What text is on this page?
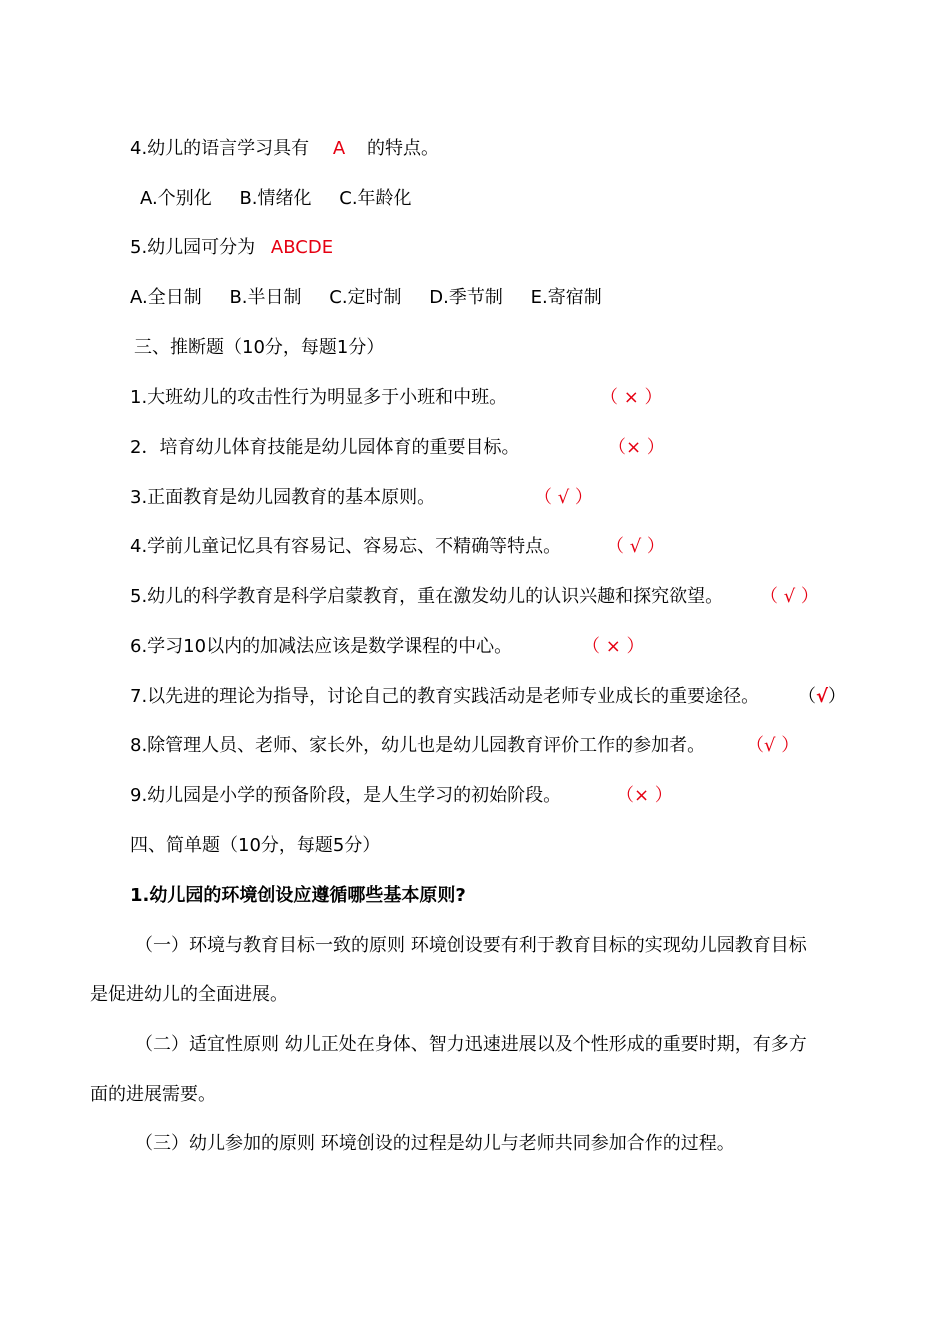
4.幼儿的语言学习具有 A 的特点。
A.个别化 B.情绪化 C.年龄化
5.幼儿园可分为 ABCDE
A.全日制 B.半日制 C.定时制 D.季节制 E.寄宿制
三、推断题（10分，每题1分）
1.大班幼儿的攻击性行为明显多于小班和中班。	（ × ）
2．培育幼儿体育技能是幼儿园体育的重要目标。	（× ）
3.正面教育是幼儿园教育的基本原则。	（ √ ）
4.学前儿童记忆具有容易记、容易忘、不精确等特点。 （ √ ）
5.幼儿的科学教育是科学启蒙教育，重在激发幼儿的认识兴趣和探究欲望。 （ √ ）
6.学习10以内的加减法应该是数学课程的中心。	（ × ）
7.以先进的理论为指导，讨论自己的教育实践活动是老师专业成长的重要途径。 （√）
8.除管理人员、老师、家长外，幼儿也是幼儿园教育评价工作的参加者。 （√ ）
9.幼儿园是小学的预备阶段，是人生学习的初始阶段。	（× ）
四、简单题（10分，每题5分）
1.幼儿园的环境创设应遵循哪些基本原则?
（一）环境与教育目标一致的原则 环境创设要有利于教育目标的实现幼儿园教育目标
是促进幼儿的全面进展。
（二）适宜性原则 幼儿正处在身体、智力迅速进展以及个性形成的重要时期，有多方
面的进展需要。
（三）幼儿参加的原则 环境创设的过程是幼儿与老师共同参加合作的过程。
